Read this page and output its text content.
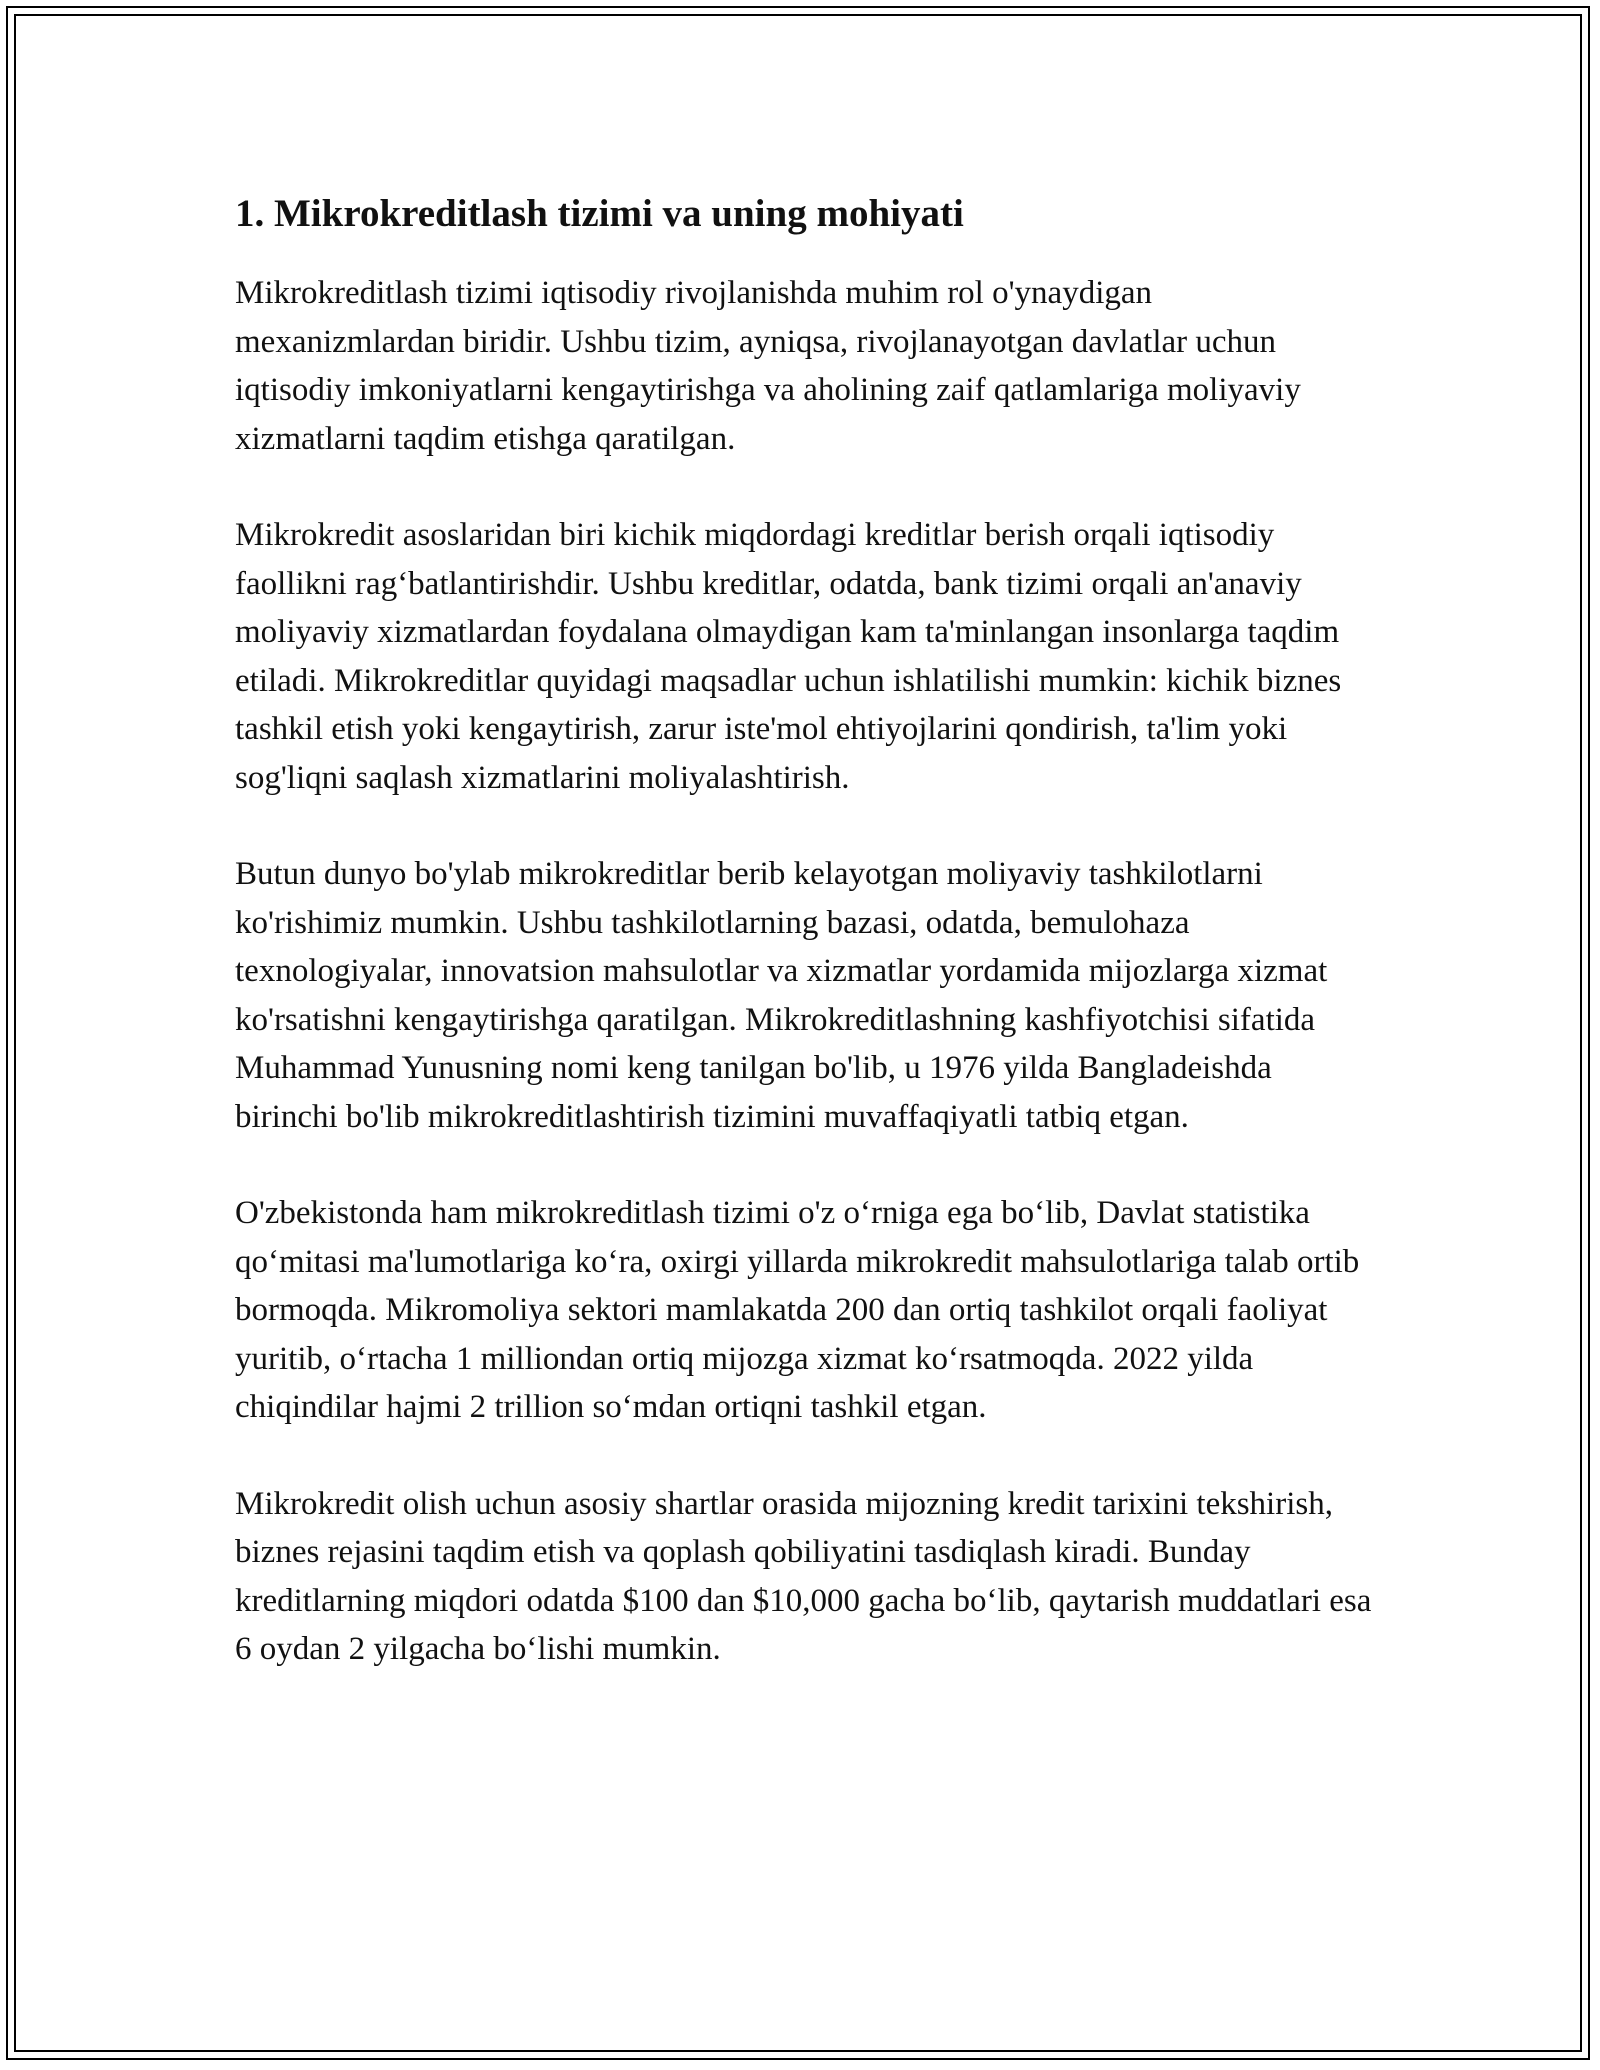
1. Mikrokreditlash tizimi va uning mohiyati

Mikrokreditlash tizimi iqtisodiy rivojlanishda muhim rol o'ynaydigan mexanizmlardan biridir. Ushbu tizim, ayniqsa, rivojlanayotgan davlatlar uchun iqtisodiy imkoniyatlarni kengaytirishga va aholining zaif qatlamlariga moliyaviy xizmatlarni taqdim etishga qaratilgan.

Mikrokredit asoslaridan biri kichik miqdordagi kreditlar berish orqali iqtisodiy faollikni rag‘batlantirishdir. Ushbu kreditlar, odatda, bank tizimi orqali an'anaviy moliyaviy xizmatlardan foydalana olmaydigan kam ta'minlangan insonlarga taqdim etiladi. Mikrokreditlar quyidagi maqsadlar uchun ishlatilishi mumkin: kichik biznes tashkil etish yoki kengaytirish, zarur iste'mol ehtiyojlarini qondirish, ta'lim yoki sog'liqni saqlash xizmatlarini moliyalashtirish.

Butun dunyo bo'ylab mikrokreditlar berib kelayotgan moliyaviy tashkilotlarni ko'rishimiz mumkin. Ushbu tashkilotlarning bazasi, odatda, bemulohaza texnologiyalar, innovatsion mahsulotlar va xizmatlar yordamida mijozlarga xizmat ko'rsatishni kengaytirishga qaratilgan. Mikrokreditlashning kashfiyotchisi sifatida Muhammad Yunusning nomi keng tanilgan bo'lib, u 1976 yilda Bangladeishda birinchi bo'lib mikrokreditlashtirish tizimini muvaffaqiyatli tatbiq etgan.

O'zbekistonda ham mikrokreditlash tizimi o'z o‘rniga ega bo‘lib, Davlat statistika qo‘mitasi ma'lumotlariga ko‘ra, oxirgi yillarda mikrokredit mahsulotlariga talab ortib bormoqda. Mikromoliya sektori mamlakatda 200 dan ortiq tashkilot orqali faoliyat yuritib, o‘rtacha 1 milliondan ortiq mijozga xizmat ko‘rsatmoqda. 2022 yilda chiqindilar hajmi 2 trillion so‘mdan ortiqni tashkil etgan.

Mikrokredit olish uchun asosiy shartlar orasida mijozning kredit tarixini tekshirish, biznes rejasini taqdim etish va qoplash qobiliyatini tasdiqlash kiradi. Bunday kreditlarning miqdori odatda $100 dan $10,000 gacha bo‘lib, qaytarish muddatlari esa 6 oydan 2 yilgacha bo‘lishi mumkin.
